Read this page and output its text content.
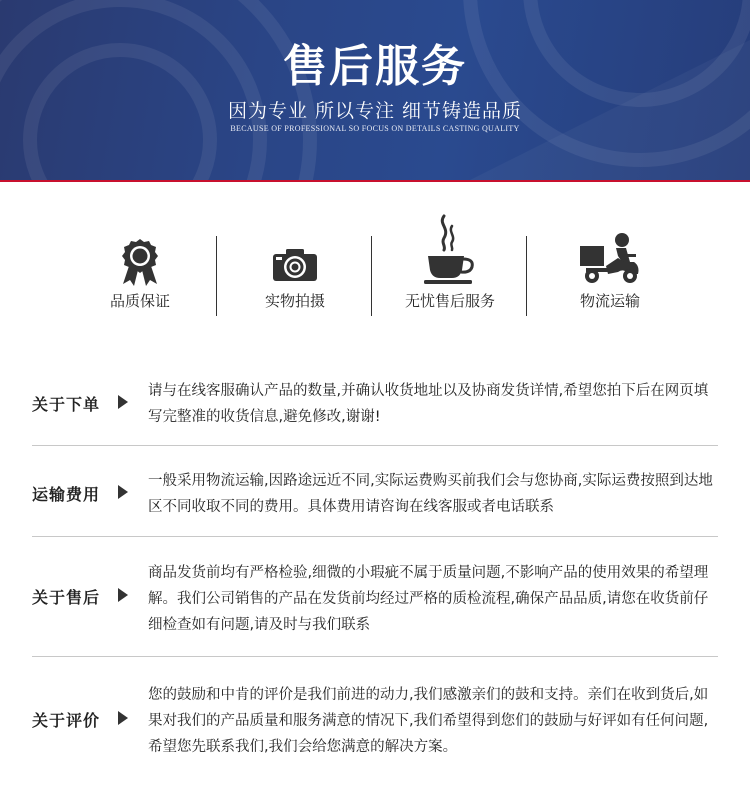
售后服务
因为专业 所以专注 细节铸造品质
BECAUSE OF PROFESSIONAL SO FOCUS ON DETAILS CASTING QUALITY
品质保证	实物拍摄	无忧售后服务	物流运输
关于下单
请与在线客服确认产品的数量,并确认收货地址以及协商发货详情,希望您拍下后在网页填写完整准的收货信息,避免修改,谢谢!
运输费用
一般采用物流运输,因路途远近不同,实际运费购买前我们会与您协商,实际运费按照到达地区不同收取不同的费用。具体费用请咨询在线客服或者电话联系
关于售后
商品发货前均有严格检验,细微的小瑕疵不属于质量问题,不影响产品的使用效果的希望理解。我们公司销售的产品在发货前均经过严格的质检流程,确保产品品质,请您在收货前仔细检查如有问题,请及时与我们联系
关于评价
您的鼓励和中肯的评价是我们前进的动力,我们感激亲们的鼓和支持。亲们在收到货后,如果对我们的产品质量和服务满意的情况下,我们希望得到您们的鼓励与好评如有任何问题,希望您先联系我们,我们会给您满意的解决方案。
